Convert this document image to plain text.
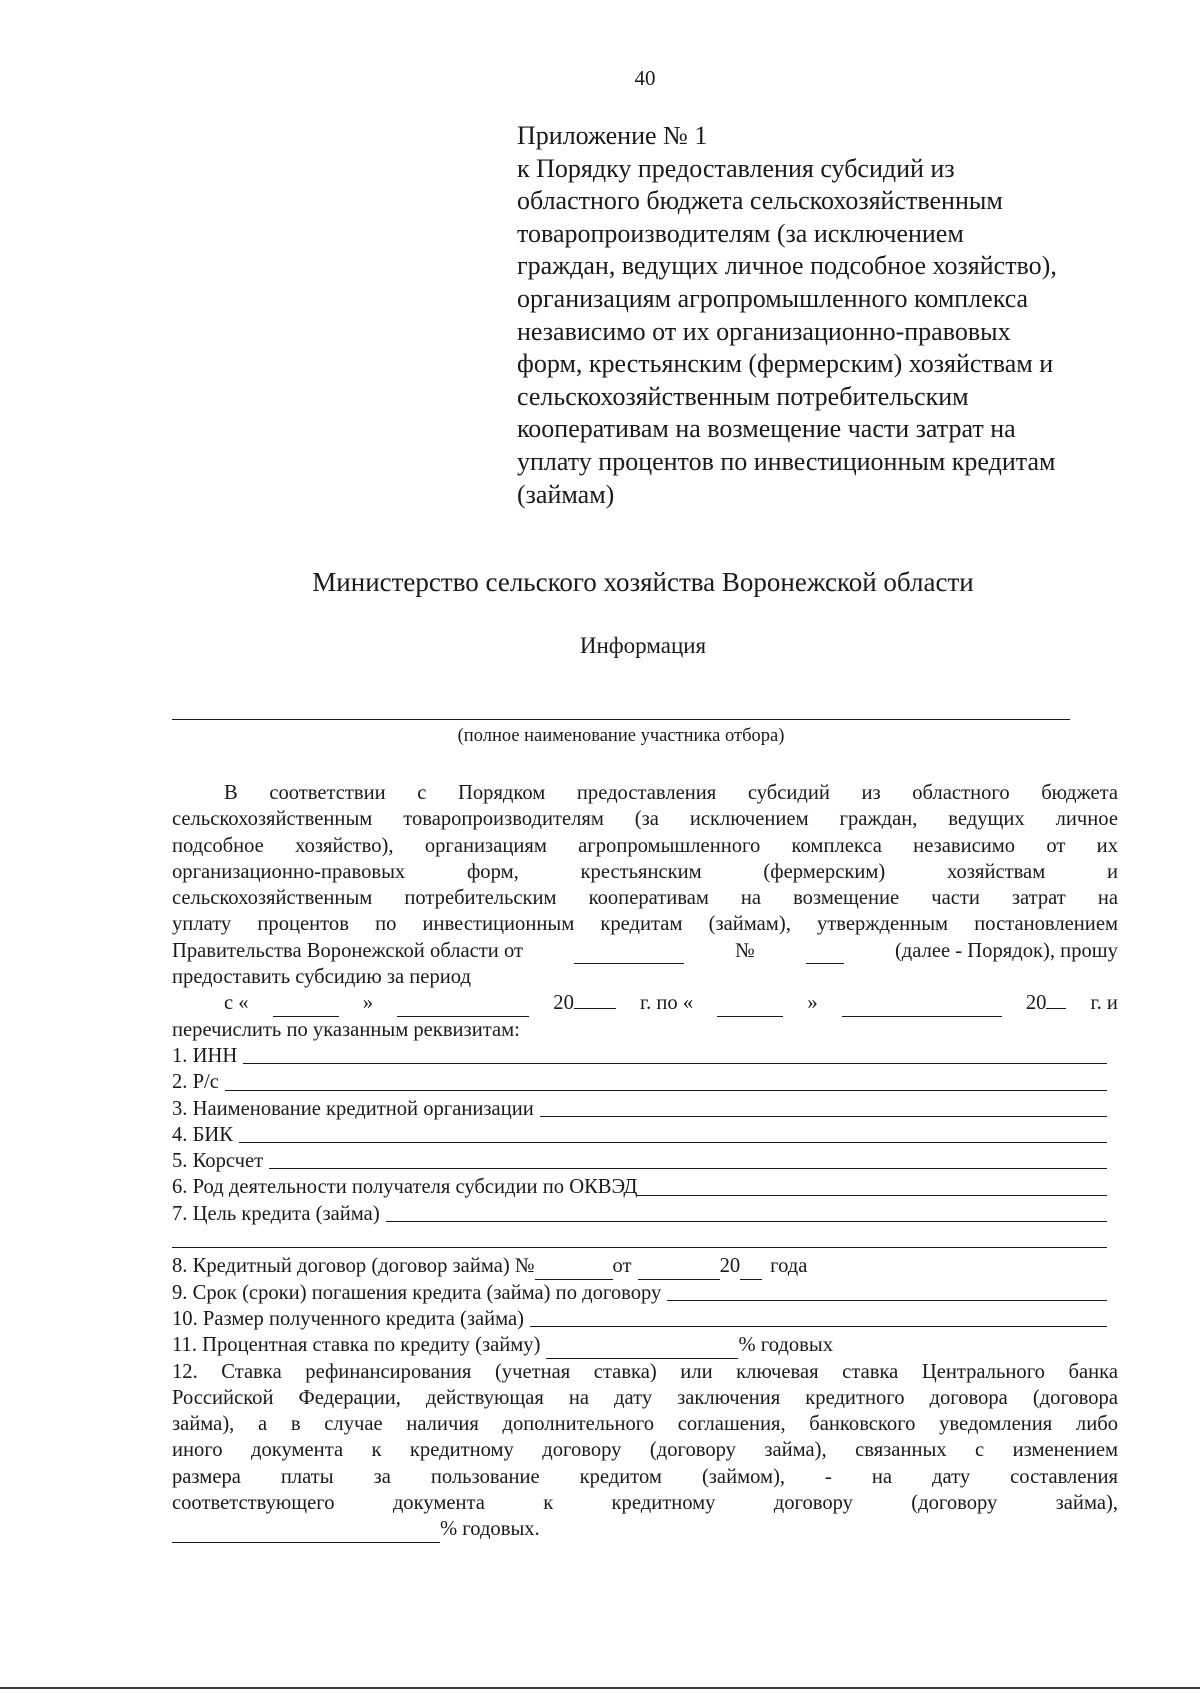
40
Приложение № 1
к Порядку предоставления субсидий из
областного бюджета сельскохозяйственным
товаропроизводителям (за исключением
граждан, ведущих личное подсобное хозяйство),
организациям агропромышленного комплекса
независимо от их организационно-правовых
форм, крестьянским (фермерским) хозяйствам и
сельскохозяйственным потребительским
кооперативам на возмещение части затрат на
уплату процентов по инвестиционным кредитам
(займам)
Министерство сельского хозяйства Воронежской области
Информация
(полное наименование участника отбора)
В соответствии с Порядком предоставления субсидий из областного бюджета
сельскохозяйственным товаропроизводителям (за исключением граждан, ведущих личное
подсобное хозяйство), организациям агропромышленного комплекса независимо от их
организационно-правовых форм, крестьянским (фермерским) хозяйствам и
сельскохозяйственным потребительским кооперативам на возмещение части затрат на
уплату процентов по инвестиционным кредитам (займам), утвержденным постановлением
Правительства Воронежской области от	№	(далее - Порядок), прошу
предоставить субсидию за период
с «	»	20	г. по «	»	20	г. и
перечислить по указанным реквизитам:
1. ИНН
2. Р/с
3. Наименование кредитной организации
4. БИК
5. Корсчет
6. Род деятельности получателя субсидии по ОКВЭД
7. Цель кредита (займа)
8. Кредитный договор (договор займа) №	от	20 года
9. Срок (сроки) погашения кредита (займа) по договору
10. Размер полученного кредита (займа)
11. Процентная ставка по кредиту (займу)	% годовых
12. Ставка рефинансирования (учетная ставка) или ключевая ставка Центрального банка
Российской Федерации, действующая на дату заключения кредитного договора (договора
займа), а в случае наличия дополнительного соглашения, банковского уведомления либо
иного документа к кредитному договору (договору займа), связанных с изменением
размера платы за пользование кредитом (займом), - на дату составления
соответствующего документа к кредитному договору (договору займа),
% годовых.
